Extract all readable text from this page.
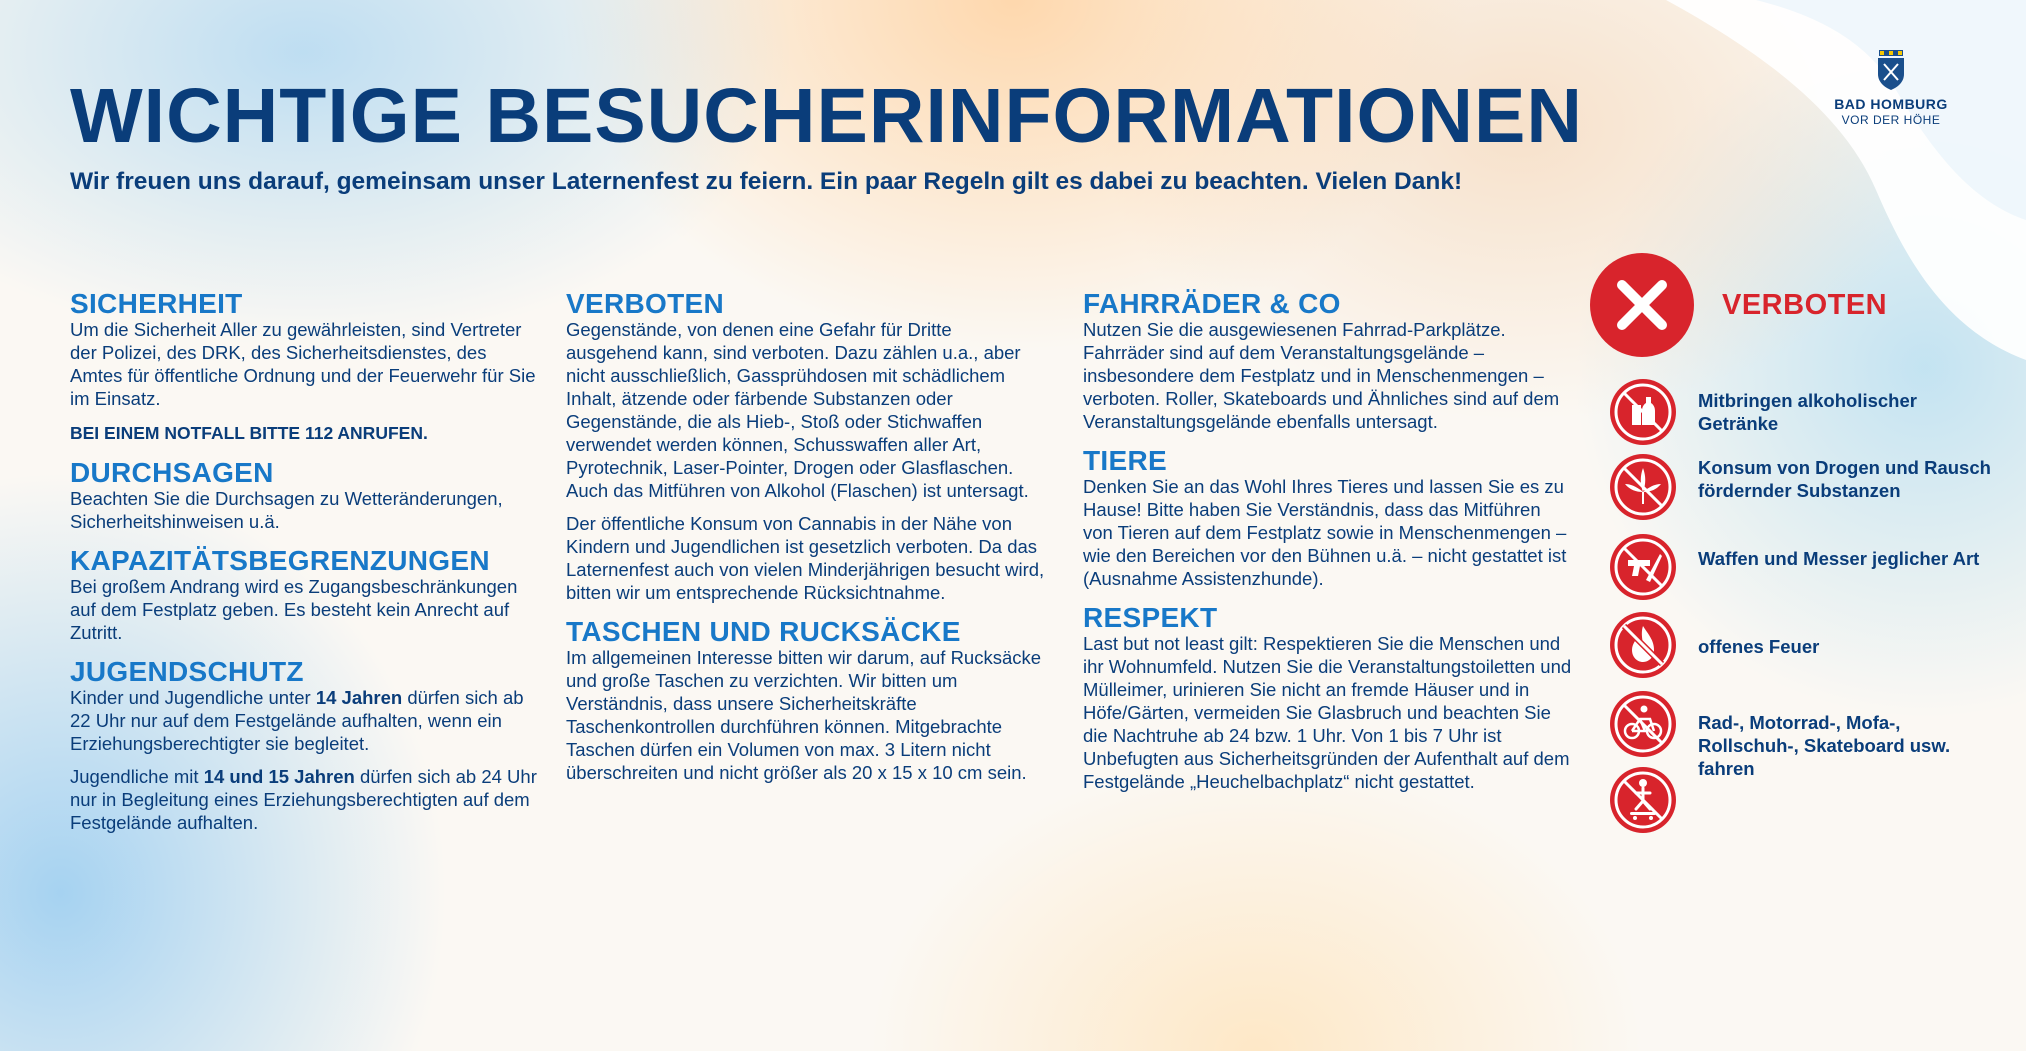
BAD HOMBURG
VOR DER HÖHE
WICHTIGE BESUCHERINFORMATIONEN
Wir freuen uns darauf, gemeinsam unser Laternenfest zu feiern. Ein paar Regeln gilt es dabei zu beachten. Vielen Dank!
SICHERHEIT
Um die Sicherheit Aller zu gewährleisten, sind Vertreter der Polizei, des DRK, des Sicherheitsdienstes, des Amtes für öffentliche Ordnung und der Feuerwehr für Sie im Einsatz.
BEI EINEM NOTFALL BITTE 112 ANRUFEN.
DURCHSAGEN
Beachten Sie die Durchsagen zu Wetteränderungen, Sicherheitshinweisen u.ä.
KAPAZITÄTSBEGRENZUNGEN
Bei großem Andrang wird es Zugangsbeschränkungen auf dem Festplatz geben. Es besteht kein Anrecht auf Zutritt.
JUGENDSCHUTZ
Kinder und Jugendliche unter 14 Jahren dürfen sich ab 22 Uhr nur auf dem Festgelände aufhalten, wenn ein Erziehungsberechtigter sie begleitet.
Jugendliche mit 14 und 15 Jahren dürfen sich ab 24 Uhr nur in Begleitung eines Erziehungsberechtigten auf dem Festgelände aufhalten.
VERBOTEN
Gegenstände, von denen eine Gefahr für Dritte ausgehend kann, sind verboten. Dazu zählen u.a., aber nicht ausschließlich, Gassprühdosen mit schädlichem Inhalt, ätzende oder färbende Substanzen oder Gegenstände, die als Hieb-, Stoß oder Stichwaffen verwendet werden können, Schusswaffen aller Art, Pyrotechnik, Laser-Pointer, Drogen oder Glasflaschen. Auch das Mitführen von Alkohol (Flaschen) ist untersagt.
Der öffentliche Konsum von Cannabis in der Nähe von Kindern und Jugendlichen ist gesetzlich verboten. Da das Laternenfest auch von vielen Minderjährigen besucht wird, bitten wir um entsprechende Rücksichtnahme.
TASCHEN UND RUCKSÄCKE
Im allgemeinen Interesse bitten wir darum, auf Rucksäcke und große Taschen zu verzichten. Wir bitten um Verständnis, dass unsere Sicherheitskräfte Taschenkontrollen durchführen können. Mitgebrachte Taschen dürfen ein Volumen von max. 3 Litern nicht überschreiten und nicht größer als 20 x 15 x 10 cm sein.
FAHRRÄDER & CO
Nutzen Sie die ausgewiesenen Fahrrad-Parkplätze. Fahrräder sind auf dem Veranstaltungsgelände – insbesondere dem Festplatz und in Menschenmengen – verboten. Roller, Skateboards und Ähnliches sind auf dem Veranstaltungsgelände ebenfalls untersagt.
TIERE
Denken Sie an das Wohl Ihres Tieres und lassen Sie es zu Hause! Bitte haben Sie Verständnis, dass das Mitführen von Tieren auf dem Festplatz sowie in Menschenmengen – wie den Bereichen vor den Bühnen u.ä. – nicht gestattet ist (Ausnahme Assistenzhunde).
RESPEKT
Last but not least gilt: Respektieren Sie die Menschen und ihr Wohnumfeld. Nutzen Sie die Veranstaltungstoiletten und Mülleimer, urinieren Sie nicht an fremde Häuser und in Höfe/Gärten, vermeiden Sie Glasbruch und beachten Sie die Nachtruhe ab 24 bzw. 1 Uhr. Von 1 bis 7 Uhr ist Unbefugten aus Sicherheitsgründen der Aufenthalt auf dem Festgelände „Heuchelbachplatz“ nicht gestattet.
VERBOTEN
Mitbringen alkoholischer Getränke
Konsum von Drogen und Rausch fördernder Substanzen
Waffen und Messer jeglicher Art
offenes Feuer
Rad-, Motorrad-, Mofa-, Rollschuh-, Skateboard usw. fahren
